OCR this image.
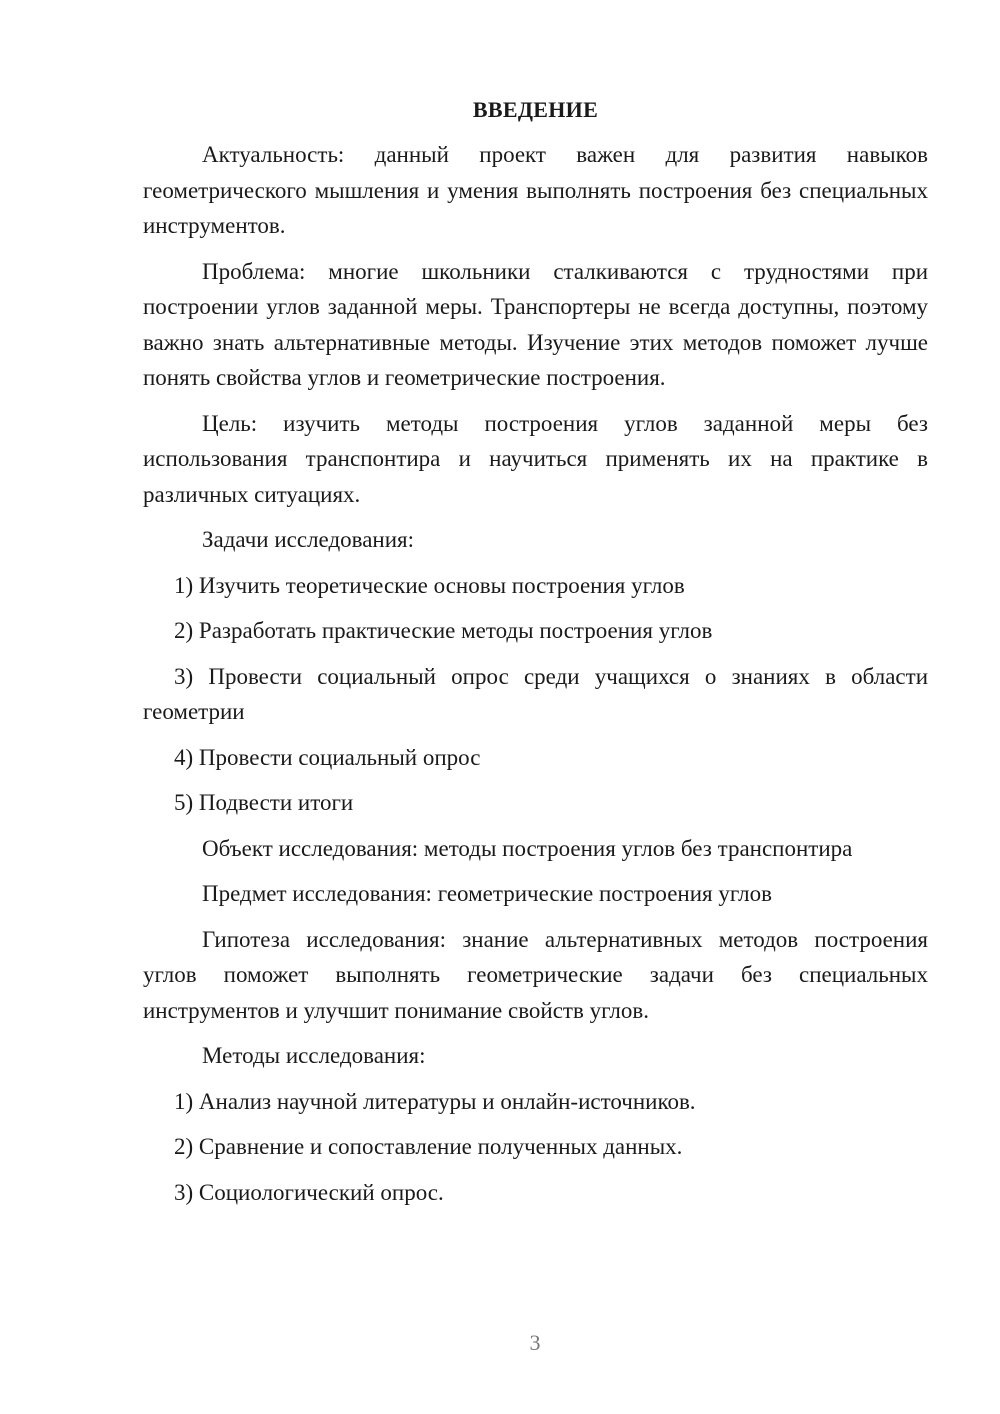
ВВЕДЕНИЕ

Актуальность: данный проект важен для развития навыков геометрического мышления и умения выполнять построения без специальных инструментов.

Проблема: многие школьники сталкиваются с трудностями при построении углов заданной меры. Транспортеры не всегда доступны, поэтому важно знать альтернативные методы. Изучение этих методов поможет лучше понять свойства углов и геометрические построения.

Цель: изучить методы построения углов заданной меры без использования транспонтира и научиться применять их на практике в различных ситуациях.

Задачи исследования:

1) Изучить теоретические основы построения углов

2) Разработать практические методы построения углов

3) Провести социальный опрос среди учащихся о знаниях в области геометрии

4) Провести социальный опрос

5) Подвести итоги

Объект исследования: методы построения углов без транспонтира

Предмет исследования: геометрические построения углов

Гипотеза исследования: знание альтернативных методов построения углов поможет выполнять геометрические задачи без специальных инструментов и улучшит понимание свойств углов.

Методы исследования:

1) Анализ научной литературы и онлайн-источников.

2) Сравнение и сопоставление полученных данных.

3) Социологический опрос.

3
